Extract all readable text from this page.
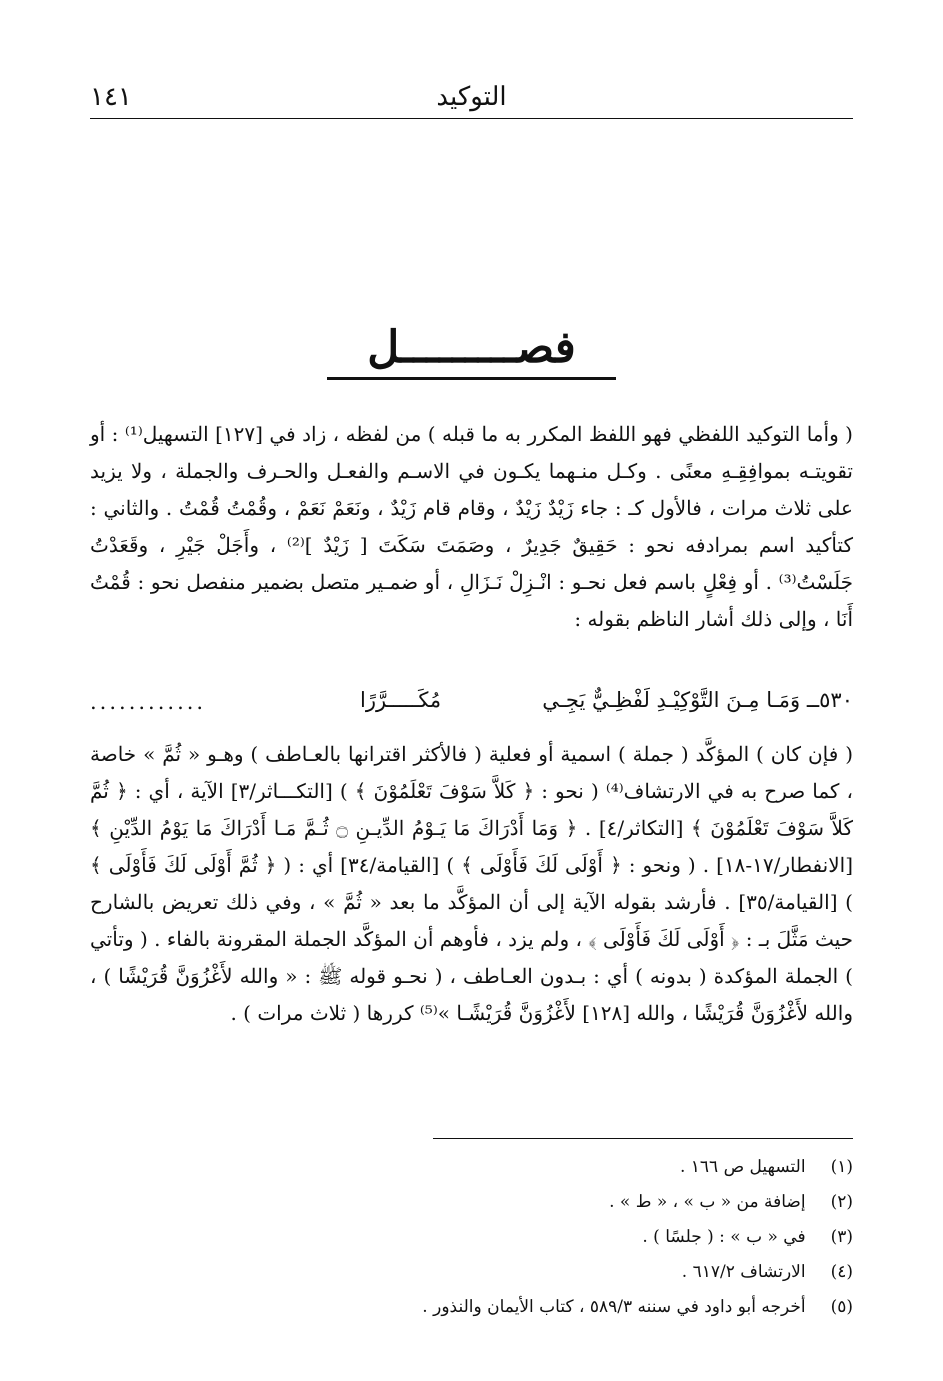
التوكيد
١٤١
فصـــــــــل

( وأما التوكيد اللفظي فهو اللفظ المكرر به ما قبله ) من لفظه ، زاد في [١٢٧] التسهيل⁽¹⁾ : أو تقويتـه بموافِقِـهِ معنًى . وكـل منـهما يكـون في الاسـم والفعـل والحـرف والجملة ، ولا يزيد على ثلاث مرات ، فالأول كـ : جاء زَيْدٌ زَيْدٌ ، وقام قام زَيْدٌ ، ونَعَمْ نَعَمْ ، وقُمْتُ قُمْتُ . والثاني : كتأكيد اسم بمرادفه نحو : حَقِيقٌ جَدِيرٌ ، وصَمَتَ سَكَتَ [ زَيْدٌ ]⁽²⁾ ، وأَجَلْ جَيْرِ ، وقَعَدْتُ جَلَسْتُ⁽³⁾ . أو فِعْلٍ باسم فعل نحـو : انْـزِلْ نَـزَالِ ، أو ضمـير متصل بضمير منفصل نحو : قُمْتُ أَنَا ، وإلى ذلك أشار الناظم بقوله :

٥٣٠ــ وَمَـا مِـنَ التَّوْكِيْـدِ لَفْظِـيٌّ يَجِـي
مُكَـــــرَّرًا
............

( فإن كان ) المؤكَّد ( جملة ) اسمية أو فعلية ( فالأكثر اقترانها بالعـاطف ) وهـو « ثُمَّ » خاصة ، كما صرح به في الارتشاف⁽⁴⁾ ( نحو : ﴿ كَلاَّ سَوْفَ تَعْلَمُوْنَ ﴾ ) [التكـــاثر/٣] الآية ، أي : ﴿ ثُمَّ كَلاَّ سَوْفَ تَعْلَمُوْنَ ﴾ [التكاثر/٤] . ﴿ وَمَا أَدْرَاكَ مَا يَـوْمُ الدِّيـنِ ۝ ثُـمَّ مَـا أَدْرَاكَ مَا يَوْمُ الدِّيْنِ ﴾ [الانفطار/١٧-١٨] . ( ونحو : ﴿ أَوْلَى لَكَ فَأَوْلَى ﴾ ) [القيامة/٣٤] أي : ( ﴿ ثُمَّ أَوْلَى لَكَ فَأَوْلَى ﴾ ) [القيامة/٣٥] . فأرشد بقوله الآية إلى أن المؤكَّد ما بعد « ثُمَّ » ، وفي ذلك تعريض بالشارح حيث مَثَّلَ بـ : ﴿ أَوْلَى لَكَ فَأَوْلَى ﴾ ، ولم يزد ، فأوهم أن المؤكَّد الجملة المقرونة بالفاء . ( وتأتي ) الجملة المؤكدة ( بدونه ) أي : بـدون العـاطف ، ( نحـو قوله ﷺ : « والله لأَغْزُوَنَّ قُرَيْشًا ) ، والله لأَغْزُوَنَّ قُرَيْشًا ، والله [١٢٨] لأَغْزُوَنَّ قُرَيْشًـا »⁽⁵⁾ كررها ( ثلاث مرات ) .

(١) التسهيل ص ١٦٦ .
(٢) إضافة من « ب » ، « ط » .
(٣) في « ب » : ( جلسًا ) .
(٤) الارتشاف ٦١٧/٢ .
(٥) أخرجه أبو داود في سننه ٥٨٩/٣ ، كتاب الأيمان والنذور .
